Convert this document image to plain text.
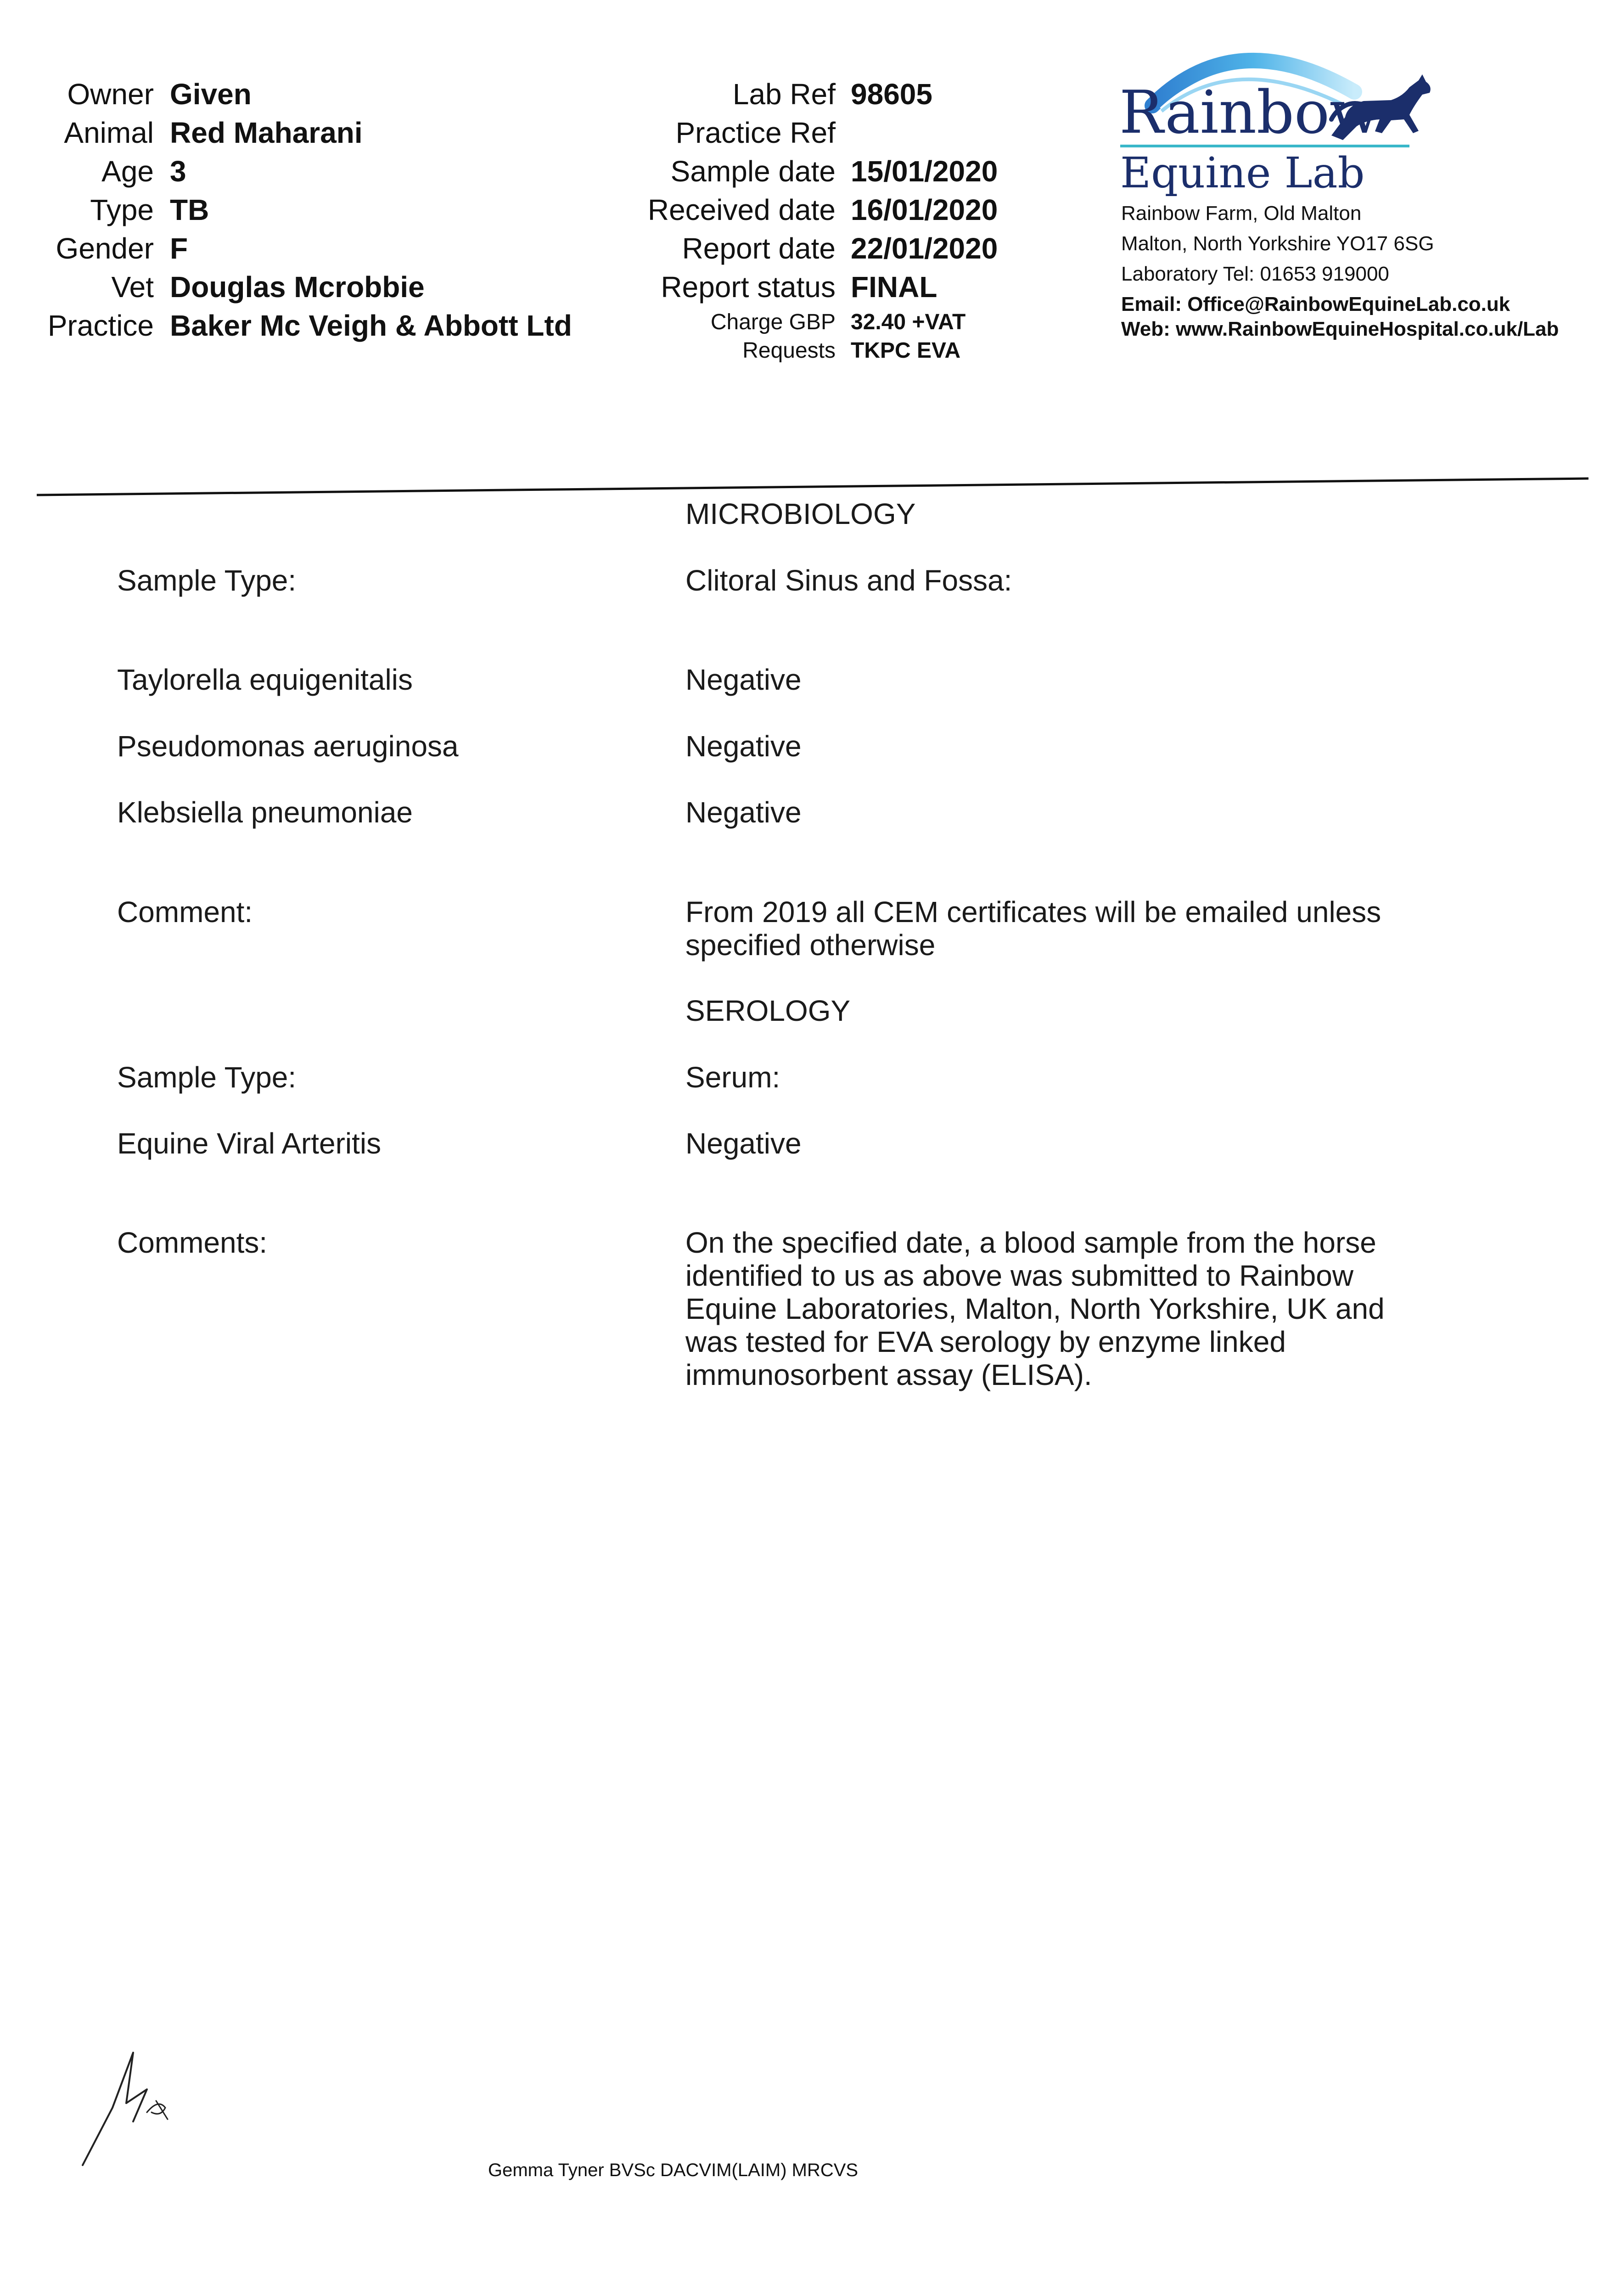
Owner Given
Animal Red Maharani
Age 3
Type TB
Gender F
Vet Douglas Mcrobbie
Practice Baker Mc Veigh & Abbott Ltd
Lab Ref 98605
Practice Ref
Sample date 15/01/2020
Received date 16/01/2020
Report date 22/01/2020
Report status FINAL
Charge GBP 32.40 +VAT
Requests TKPC EVA
Rainbow
Equine Lab
Rainbow Farm, Old Malton
Malton, North Yorkshire YO17 6SG
Laboratory Tel: 01653 919000
Email: Office@RainbowEquineLab.co.uk
Web: www.RainbowEquineHospital.co.uk/Lab
MICROBIOLOGY
Sample Type:	Clitoral Sinus and Fossa:
Taylorella equigenitalis	Negative
Pseudomonas aeruginosa	Negative
Klebsiella pneumoniae	Negative
Comment:	From 2019 all CEM certificates will be emailed unless specified otherwise
SEROLOGY
Sample Type:	Serum:
Equine Viral Arteritis	Negative
Comments:	On the specified date, a blood sample from the horse identified to us as above was submitted to Rainbow Equine Laboratories, Malton, North Yorkshire, UK and was tested for EVA serology by enzyme linked immunosorbent assay (ELISA).
Gemma Tyner BVSc DACVIM(LAIM) MRCVS
